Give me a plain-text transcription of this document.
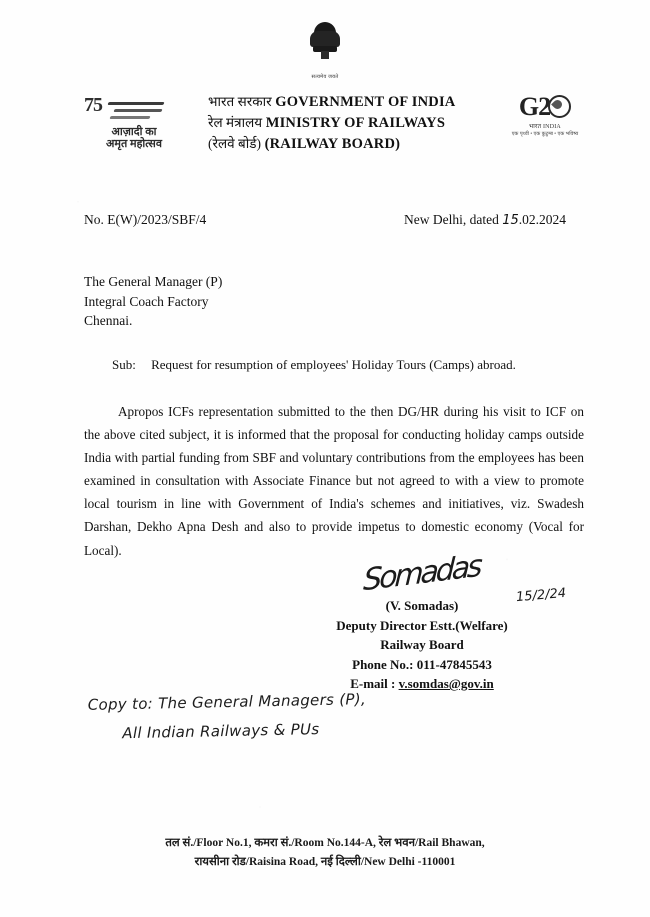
सत्यमेव जयते
75
आज़ादी का
अमृत महोत्सव
भारत सरकार GOVERNMENT OF INDIA
रेल मंत्रालय MINISTRY OF RAILWAYS
(रेलवे बोर्ड) (RAILWAY BOARD)
G2
भारत INDIA
एक पृथ्वी • एक कुटुम्ब • एक भविष्य
No. E(W)/2023/SBF/4	New Delhi, dated 15.02.2024
The General Manager (P)
Integral Coach Factory
Chennai.
Sub: Request for resumption of employees' Holiday Tours (Camps) abroad.
Apropos ICFs representation submitted to the then DG/HR during his visit to ICF on the above cited subject, it is informed that the proposal for conducting holiday camps outside India with partial funding from SBF and voluntary contributions from the employees has been examined in consultation with Associate Finance but not agreed to with a view to promote local tourism in line with Government of India's schemes and initiatives, viz. Swadesh Darshan, Dekho Apna Desh and also to provide impetus to domestic economy (Vocal for Local).	Somadas	15/2/24
(V. Somadas)
Deputy Director Estt.(Welfare)
Railway Board
Phone No.: 011-47845543
E-mail : v.somdas@gov.in
Copy to: The General Managers (P),
All Indian Railways & PUs
तल सं./Floor No.1, कमरा सं./Room No.144-A, रेल भवन/Rail Bhawan,
रायसीना रोड/Raisina Road, नई दिल्ली/New Delhi -110001
